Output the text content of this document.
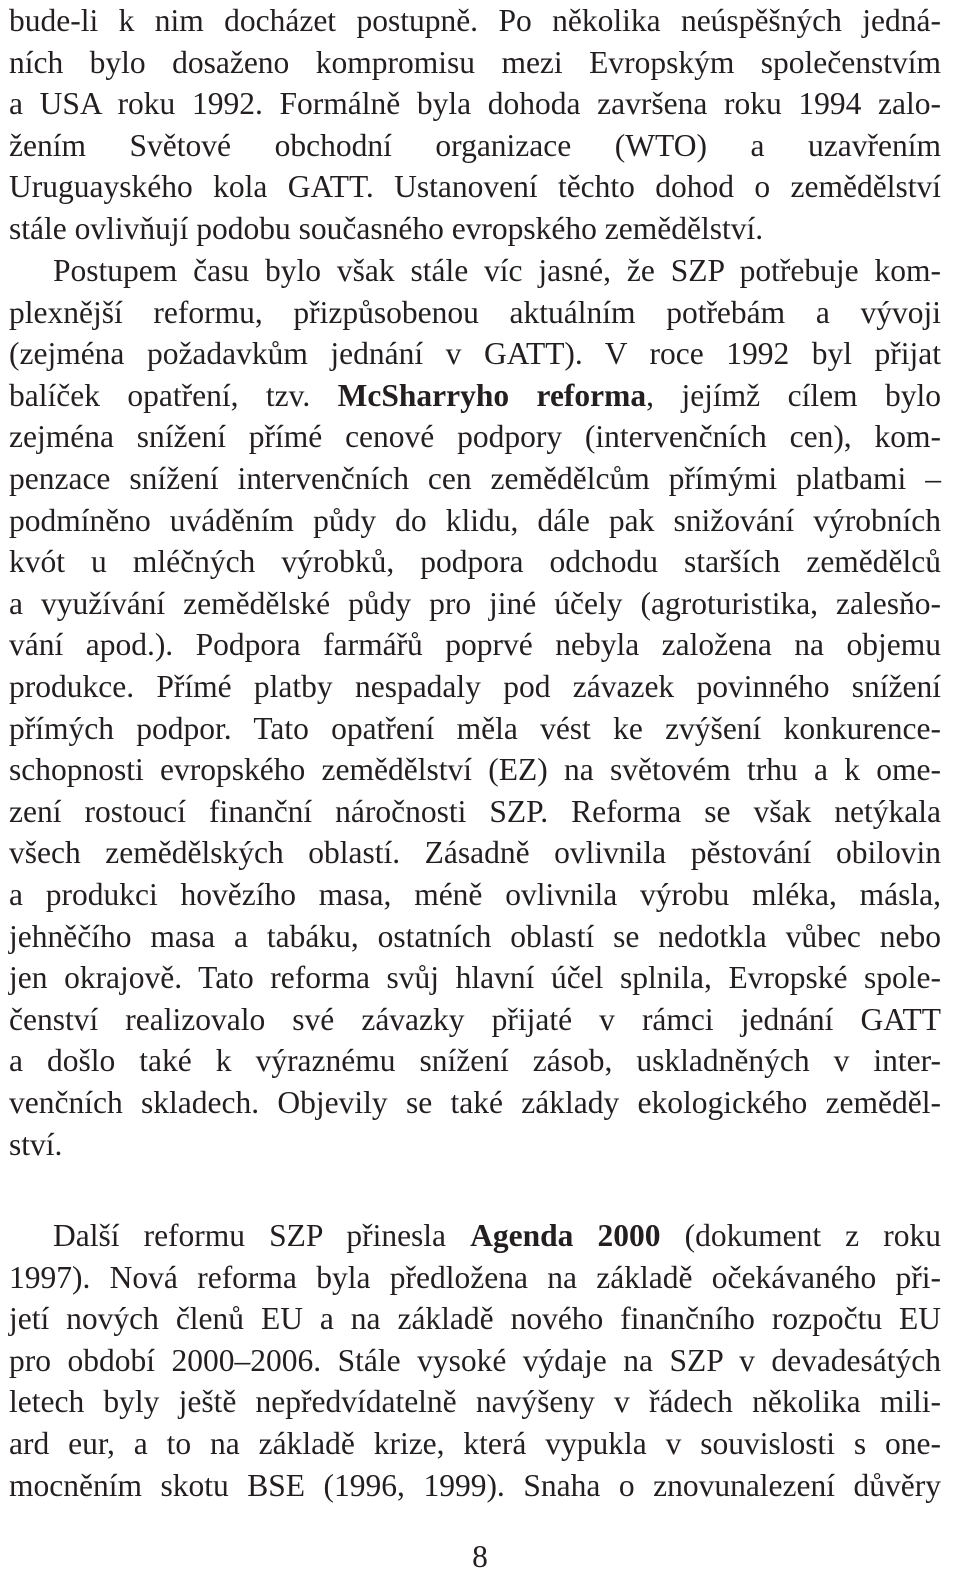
bude-li k nim docházet postupně. Po několika neúspěšných jedná-
ních bylo dosaženo kompromisu mezi Evropským společenstvím
a USA roku 1992. Formálně byla dohoda završena roku 1994 zalo-
žením Světové obchodní organizace (WTO) a uzavřením
Uruguayského kola GATT. Ustanovení těchto dohod o zemědělství
stále ovlivňují podobu současného evropského zemědělství.
Postupem času bylo však stále víc jasné, že SZP potřebuje kom-
plexnější reformu, přizpůsobenou aktuálním potřebám a vývoji
(zejména požadavkům jednání v GATT). V roce 1992 byl přijat
balíček opatření, tzv. McSharryho reforma, jejímž cílem bylo
zejména snížení přímé cenové podpory (intervenčních cen), kom-
penzace snížení intervenčních cen zemědělcům přímými platbami –
podmíněno uváděním půdy do klidu, dále pak snižování výrobních
kvót u mléčných výrobků, podpora odchodu starších zemědělců
a využívání zemědělské půdy pro jiné účely (agroturistika, zalesňo-
vání apod.). Podpora farmářů poprvé nebyla založena na objemu
produkce. Přímé platby nespadaly pod závazek povinného snížení
přímých podpor. Tato opatření měla vést ke zvýšení konkurence-
schopnosti evropského zemědělství (EZ) na světovém trhu a k ome-
zení rostoucí finanční náročnosti SZP. Reforma se však netýkala
všech zemědělských oblastí. Zásadně ovlivnila pěstování obilovin
a produkci hovězího masa, méně ovlivnila výrobu mléka, másla,
jehněčího masa a tabáku, ostatních oblastí se nedotkla vůbec nebo
jen okrajově. Tato reforma svůj hlavní účel splnila, Evropské spole-
čenství realizovalo své závazky přijaté v rámci jednání GATT
a došlo také k výraznému snížení zásob, uskladněných v inter-
venčních skladech. Objevily se také základy ekologického zeměděl-
ství.
Další reformu SZP přinesla Agenda 2000 (dokument z roku
1997). Nová reforma byla předložena na základě očekávaného při-
jetí nových členů EU a na základě nového finančního rozpočtu EU
pro období 2000–2006. Stále vysoké výdaje na SZP v devadesátých
letech byly ještě nepředvídatelně navýšeny v řádech několika mili-
ard eur, a to na základě krize, která vypukla v souvislosti s one-
mocněním skotu BSE (1996, 1999). Snaha o znovunalezení důvěry
8
